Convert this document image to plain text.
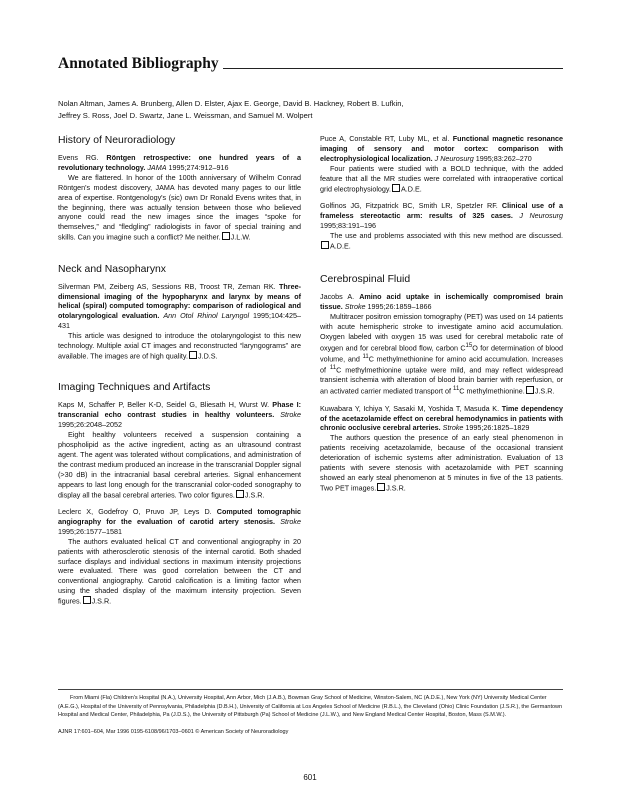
Annotated Bibliography
Nolan Altman, James A. Brunberg, Allen D. Elster, Ajax E. George, David B. Hackney, Robert B. Lufkin,
Jeffrey S. Ross, Joel D. Swartz, Jane L. Weissman, and Samuel M. Wolpert
History of Neuroradiology

Evens RG. Röntgen retrospective: one hundred years of a revolutionary technology. JAMA 1995;274:912–916

We are flattered. In honor of the 100th anniversary of Wilhelm Conrad Röntgen's modest discovery, JAMA has devoted many pages to our little area of expertise. Rontgenology's (sic) own Dr Ronald Evens writes that, in the beginning, there was actually tension between those who believed anyone could read the new images since the images “spoke for themselves,” and “fledgling” radiologists in favor of special training and skills. Can you imagine such a conflict? Me neither. J.L.W.

Neck and Nasopharynx

Silverman PM, Zeiberg AS, Sessions RB, Troost TR, Zeman RK. Three-dimensional imaging of the hypopharynx and larynx by means of helical (spiral) computed tomography: comparison of radiological and otolaryngological evaluation. Ann Otol Rhinol Laryngol 1995;104:425–431

This article was designed to introduce the otolaryngologist to this new technology. Multiple axial CT images and reconstructed “laryngograms” are available. The images are of high quality. J.D.S.

Imaging Techniques and Artifacts

Kaps M, Schaffer P, Beller K-D, Seidel G, Bliesath H, Wurst W. Phase I: transcranial echo contrast studies in healthy volunteers. Stroke 1995;26:2048–2052

Eight healthy volunteers received a suspension containing a phospholipid as the active ingredient, acting as an ultrasound contrast agent. The agent was tolerated without complications, and administration of the contrast medium produced an increase in the transcranial Doppler signal (>30 dB) in the intracranial basal cerebral arteries. Signal enhancement appears to last long enough for the transcranial color-coded sonography to display all the basal cerebral arteries. Two color figures. J.S.R.

Leclerc X, Godefroy O, Pruvo JP, Leys D. Computed tomographic angiography for the evaluation of carotid artery stenosis. Stroke 1995;26:1577–1581

The authors evaluated helical CT and conventional angiography in 20 patients with atherosclerotic stenosis of the internal carotid. Both shaded surface displays and individual sections in maximum intensity projections were evaluated. There was good correlation between the CT and conventional angiography. Carotid calcification is a limiting factor when using the shaded display of the maximum intensity projection. Seven figures. J.S.R.

Puce A, Constable RT, Luby ML, et al. Functional magnetic resonance imaging of sensory and motor cortex: comparison with electrophysiological localization. J Neurosurg 1995;83:262–270

Four patients were studied with a BOLD technique, with the added feature that all the MR studies were correlated with intraoperative cortical grid electrophysiology. A.D.E.

Golfinos JG, Fitzpatrick BC, Smith LR, Spetzler RF. Clinical use of a frameless stereotactic arm: results of 325 cases. J Neurosurg 1995;83:191–196

The use and problems associated with this new method are discussed.A.D.E.

Cerebrospinal Fluid

Jacobs A. Amino acid uptake in ischemically compromised brain tissue. Stroke 1995;26:1859–1866

Multitracer positron emission tomography (PET) was used on 14 patients with acute hemispheric stroke to investigate amino acid accumulation. Oxygen labeled with oxygen 15 was used for cerebral metabolic rate of oxygen and for cerebral blood flow, carbon $C^{15}O$ for determination of blood volume, and $^{11}$C methylmethionine for amino acid accumulation. Increases of $^{11}$C methylmethionine uptake were mild, and may reflect widespread transient ischemia with alteration of blood brain barrier with reperfusion, or an activated carrier mediated transport of $^{11}$C methylmethionine. J.S.R.

Kuwabara Y, Ichiya Y, Sasaki M, Yoshida T, Masuda K. Time dependency of the acetazolamide effect on cerebral hemodynamics in patients with chronic occlusive cerebral arteries. Stroke 1995;26:1825–1829

The authors question the presence of an early steal phenomenon in patients receiving acetazolamide, because of the occasional transient deterioration of ischemic systems after administration. Evaluation of 13 patients with severe stenosis with acetazolamide with PET scanning showed an early steal phenomenon at 5 minutes in five of the 13 patients. Two PET images. J.S.R.

From Miami (Fla) Children's Hospital (N.A.), University Hospital, Ann Arbor, Mich (J.A.B.), Bowman Gray School of Medicine, Winston-Salem, NC (A.D.E.), New York (NY) University Medical Center (A.E.G.), Hospital of the University of Pennsylvania, Philadelphia (D.B.H.), University of California at Los Angeles School of Medicine (R.B.L.), the Cleveland (Ohio) Clinic Foundation (J.S.R.), the Germantown Hospital and Medical Center, Philadelphia, Pa (J.D.S.), the University of Pittsburgh (Pa) School of Medicine (J.L.W.), and New England Medical Center Hospital, Boston, Mass (S.M.W.).

AJNR 17:601–604, Mar 1996 0195-6108/96/1703–0601 © American Society of Neuroradiology

601
